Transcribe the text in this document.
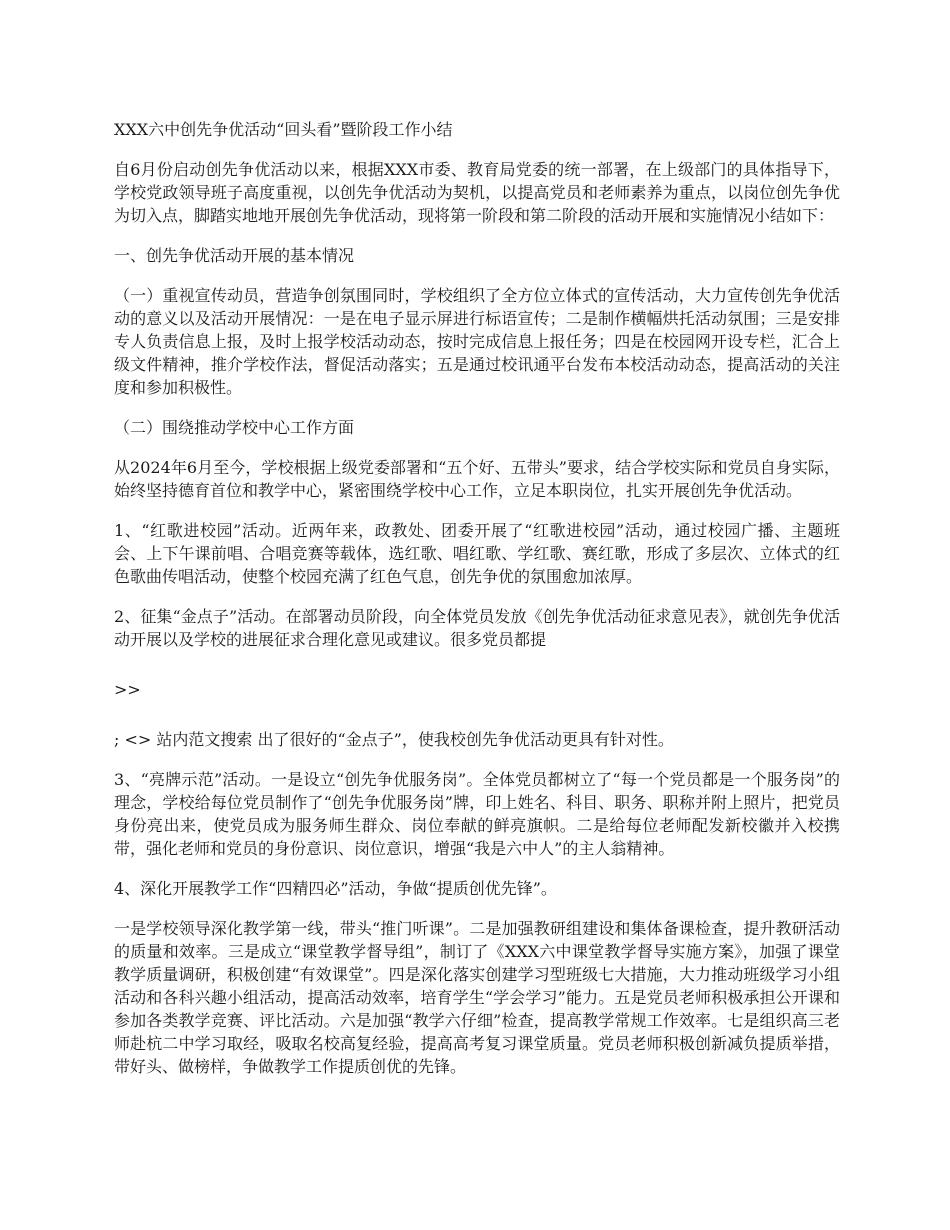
XXX六中创先争优活动“回头看”暨阶段工作小结

自6月份启动创先争优活动以来，根据XXX市委、教育局党委的统一部署，在上级部门的具体指导下，学校党政领导班子高度重视，以创先争优活动为契机，以提高党员和老师素养为重点，以岗位创先争优为切入点，脚踏实地地开展创先争优活动，现将第一阶段和第二阶段的活动开展和实施情况小结如下：

一、创先争优活动开展的基本情况

（一）重视宣传动员，营造争创氛围同时，学校组织了全方位立体式的宣传活动，大力宣传创先争优活动的意义以及活动开展情况：一是在电子显示屏进行标语宣传；二是制作横幅烘托活动氛围；三是安排专人负责信息上报，及时上报学校活动动态，按时完成信息上报任务；四是在校园网开设专栏，汇合上级文件精神，推介学校作法，督促活动落实；五是通过校讯通平台发布本校活动动态，提高活动的关注度和参加积极性。

（二）围绕推动学校中心工作方面

从2024年6月至今，学校根据上级党委部署和“五个好、五带头”要求，结合学校实际和党员自身实际，始终坚持德育首位和教学中心，紧密围绕学校中心工作，立足本职岗位，扎实开展创先争优活动。

1、“红歌进校园”活动。近两年来，政教处、团委开展了“红歌进校园”活动，通过校园广播、主题班会、上下午课前唱、合唱竞赛等载体，选红歌、唱红歌、学红歌、赛红歌，形成了多层次、立体式的红色歌曲传唱活动，使整个校园充满了红色气息，创先争优的氛围愈加浓厚。

2、征集“金点子”活动。在部署动员阶段，向全体党员发放《创先争优活动征求意见表》，就创先争优活动开展以及学校的进展征求合理化意见或建议。很多党员都提

>>

; <> 站内范文搜索 出了很好的“金点子”，使我校创先争优活动更具有针对性。

3、“亮牌示范”活动。一是设立“创先争优服务岗”。全体党员都树立了“每一个党员都是一个服务岗”的理念，学校给每位党员制作了“创先争优服务岗”牌，印上姓名、科目、职务、职称并附上照片，把党员身份亮出来，使党员成为服务师生群众、岗位奉献的鲜亮旗帜。二是给每位老师配发新校徽并入校携带，强化老师和党员的身份意识、岗位意识，增强“我是六中人”的主人翁精神。

4、深化开展教学工作“四精四必”活动，争做“提质创优先锋”。

一是学校领导深化教学第一线，带头“推门听课”。二是加强教研组建设和集体备课检查，提升教研活动的质量和效率。三是成立“课堂教学督导组”，制订了《XXX六中课堂教学督导实施方案》，加强了课堂教学质量调研，积极创建“有效课堂”。四是深化落实创建学习型班级七大措施，大力推动班级学习小组活动和各科兴趣小组活动，提高活动效率，培育学生“学会学习”能力。五是党员老师积极承担公开课和参加各类教学竞赛、评比活动。六是加强“教学六仔细”检查，提高教学常规工作效率。七是组织高三老师赴杭二中学习取经，吸取名校高复经验，提高高考复习课堂质量。党员老师积极创新减负提质举措，带好头、做榜样，争做教学工作提质创优的先锋。
